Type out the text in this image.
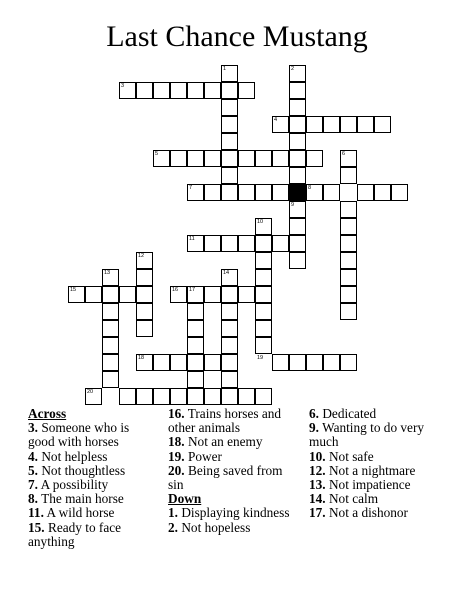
Last Chance Mustang
1	2
3
4
5	6
7	8
9
10
11
12
13	14
15	16 17
18	19
20
Across
3. Someone who is good with horses
4. Not helpless
5. Not thoughtless
7. A possibility
8. The main horse
11. A wild horse
15. Ready to face anything
16. Trains horses and other animals
18. Not an enemy
19. Power
20. Being saved from sin
Down
1. Displaying kindness
2. Not hopeless
6. Dedicated
9. Wanting to do very much
10. Not safe
12. Not a nightmare
13. Not impatience
14. Not calm
17. Not a dishonor
